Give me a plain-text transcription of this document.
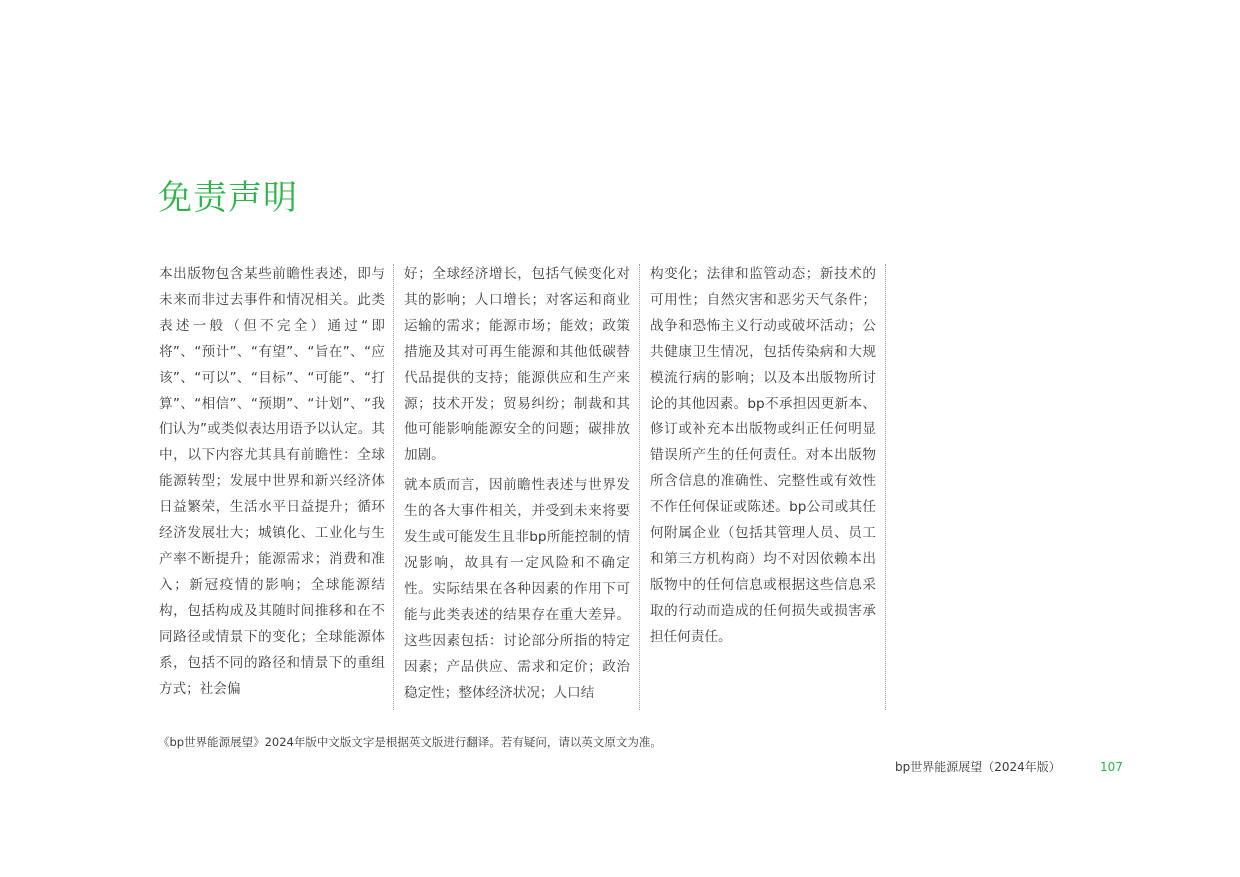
免责声明

本出版物包含某些前瞻性表述，即与未来而非过去事件和情况相关。此类表述一般（但不完全）通过“即将”、“预计”、“有望”、“旨在”、“应该”、“可以”、“目标”、“可能”、“打算”、“相信”、“预期”、“计划”、“我们认为”或类似表达用语予以认定。其中，以下内容尤其具有前瞻性：全球能源转型；发展中世界和新兴经济体日益繁荣，生活水平日益提升；循环经济发展壮大；城镇化、工业化与生产率不断提升；能源需求；消费和准入；新冠疫情的影响；全球能源结构，包括构成及其随时间推移和在不同路径或情景下的变化；全球能源体系，包括不同的路径和情景下的重组方式；社会偏

好；全球经济增长，包括气候变化对其的影响；人口增长；对客运和商业运输的需求；能源市场；能效；政策措施及其对可再生能源和其他低碳替代品提供的支持；能源供应和生产来源；技术开发；贸易纠纷；制裁和其他可能影响能源安全的问题；碳排放加剧。

就本质而言，因前瞻性表述与世界发生的各大事件相关，并受到未来将要发生或可能发生且非bp所能控制的情况影响，故具有一定风险和不确定性。实际结果在各种因素的作用下可能与此类表述的结果存在重大差异。这些因素包括：讨论部分所指的特定因素；产品供应、需求和定价；政治稳定性；整体经济状况；人口结

构变化；法律和监管动态；新技术的可用性；自然灾害和恶劣天气条件；战争和恐怖主义行动或破坏活动；公共健康卫生情况，包括传染病和大规模流行病的影响；以及本出版物所讨论的其他因素。bp不承担因更新本、修订或补充本出版物或纠正任何明显错误所产生的任何责任。对本出版物所含信息的准确性、完整性或有效性不作任何保证或陈述。bp公司或其任何附属企业（包括其管理人员、员工和第三方机构商）均不对因依赖本出版物中的任何信息或根据这些信息采取的行动而造成的任何损失或损害承担任何责任。

《bp世界能源展望》2024年版中文版文字是根据英文版进行翻译。若有疑问，请以英文原文为准。
bp世界能源展望（2024年版）	107
